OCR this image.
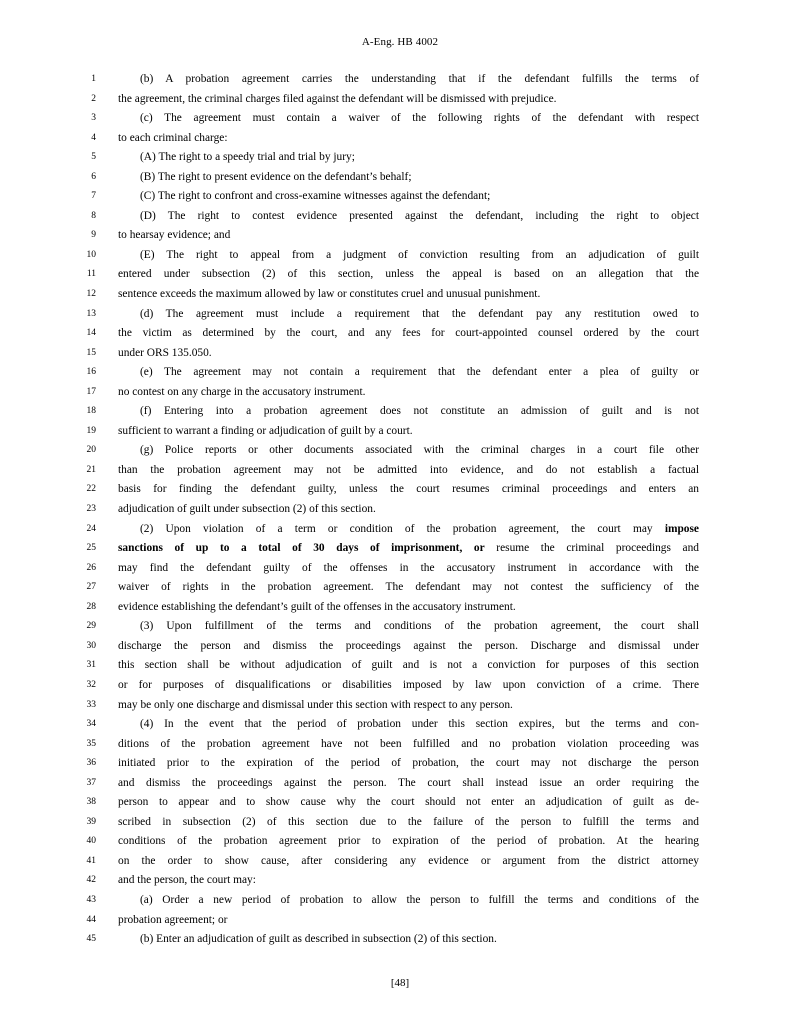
A-Eng. HB 4002
1	(b) A probation agreement carries the understanding that if the defendant fulfills the terms of
2 the agreement, the criminal charges filed against the defendant will be dismissed with prejudice.
3	(c) The agreement must contain a waiver of the following rights of the defendant with respect
4 to each criminal charge:
5	(A) The right to a speedy trial and trial by jury;
6	(B) The right to present evidence on the defendant’s behalf;
7	(C) The right to confront and cross-examine witnesses against the defendant;
8	(D) The right to contest evidence presented against the defendant, including the right to object
9 to hearsay evidence; and
10	(E) The right to appeal from a judgment of conviction resulting from an adjudication of guilt
11 entered under subsection (2) of this section, unless the appeal is based on an allegation that the
12 sentence exceeds the maximum allowed by law or constitutes cruel and unusual punishment.
13	(d) The agreement must include a requirement that the defendant pay any restitution owed to
14 the victim as determined by the court, and any fees for court-appointed counsel ordered by the court
15 under ORS 135.050.
16	(e) The agreement may not contain a requirement that the defendant enter a plea of guilty or
17 no contest on any charge in the accusatory instrument.
18	(f) Entering into a probation agreement does not constitute an admission of guilt and is not
19 sufficient to warrant a finding or adjudication of guilt by a court.
20	(g) Police reports or other documents associated with the criminal charges in a court file other
21 than the probation agreement may not be admitted into evidence, and do not establish a factual
22 basis for finding the defendant guilty, unless the court resumes criminal proceedings and enters an
23 adjudication of guilt under subsection (2) of this section.
24	(2) Upon violation of a term or condition of the probation agreement, the court may impose
25 sanctions of up to a total of 30 days of imprisonment, or resume the criminal proceedings and
26 may find the defendant guilty of the offenses in the accusatory instrument in accordance with the
27 waiver of rights in the probation agreement. The defendant may not contest the sufficiency of the
28 evidence establishing the defendant’s guilt of the offenses in the accusatory instrument.
29	(3) Upon fulfillment of the terms and conditions of the probation agreement, the court shall
30 discharge the person and dismiss the proceedings against the person. Discharge and dismissal under
31 this section shall be without adjudication of guilt and is not a conviction for purposes of this section
32 or for purposes of disqualifications or disabilities imposed by law upon conviction of a crime. There
33 may be only one discharge and dismissal under this section with respect to any person.
34	(4) In the event that the period of probation under this section expires, but the terms and con-
35 ditions of the probation agreement have not been fulfilled and no probation violation proceeding was
36 initiated prior to the expiration of the period of probation, the court may not discharge the person
37 and dismiss the proceedings against the person. The court shall instead issue an order requiring the
38 person to appear and to show cause why the court should not enter an adjudication of guilt as de-
39 scribed in subsection (2) of this section due to the failure of the person to fulfill the terms and
40 conditions of the probation agreement prior to expiration of the period of probation. At the hearing
41 on the order to show cause, after considering any evidence or argument from the district attorney
42 and the person, the court may:
43	(a) Order a new period of probation to allow the person to fulfill the terms and conditions of the
44 probation agreement; or
45	(b) Enter an adjudication of guilt as described in subsection (2) of this section.
[48]
